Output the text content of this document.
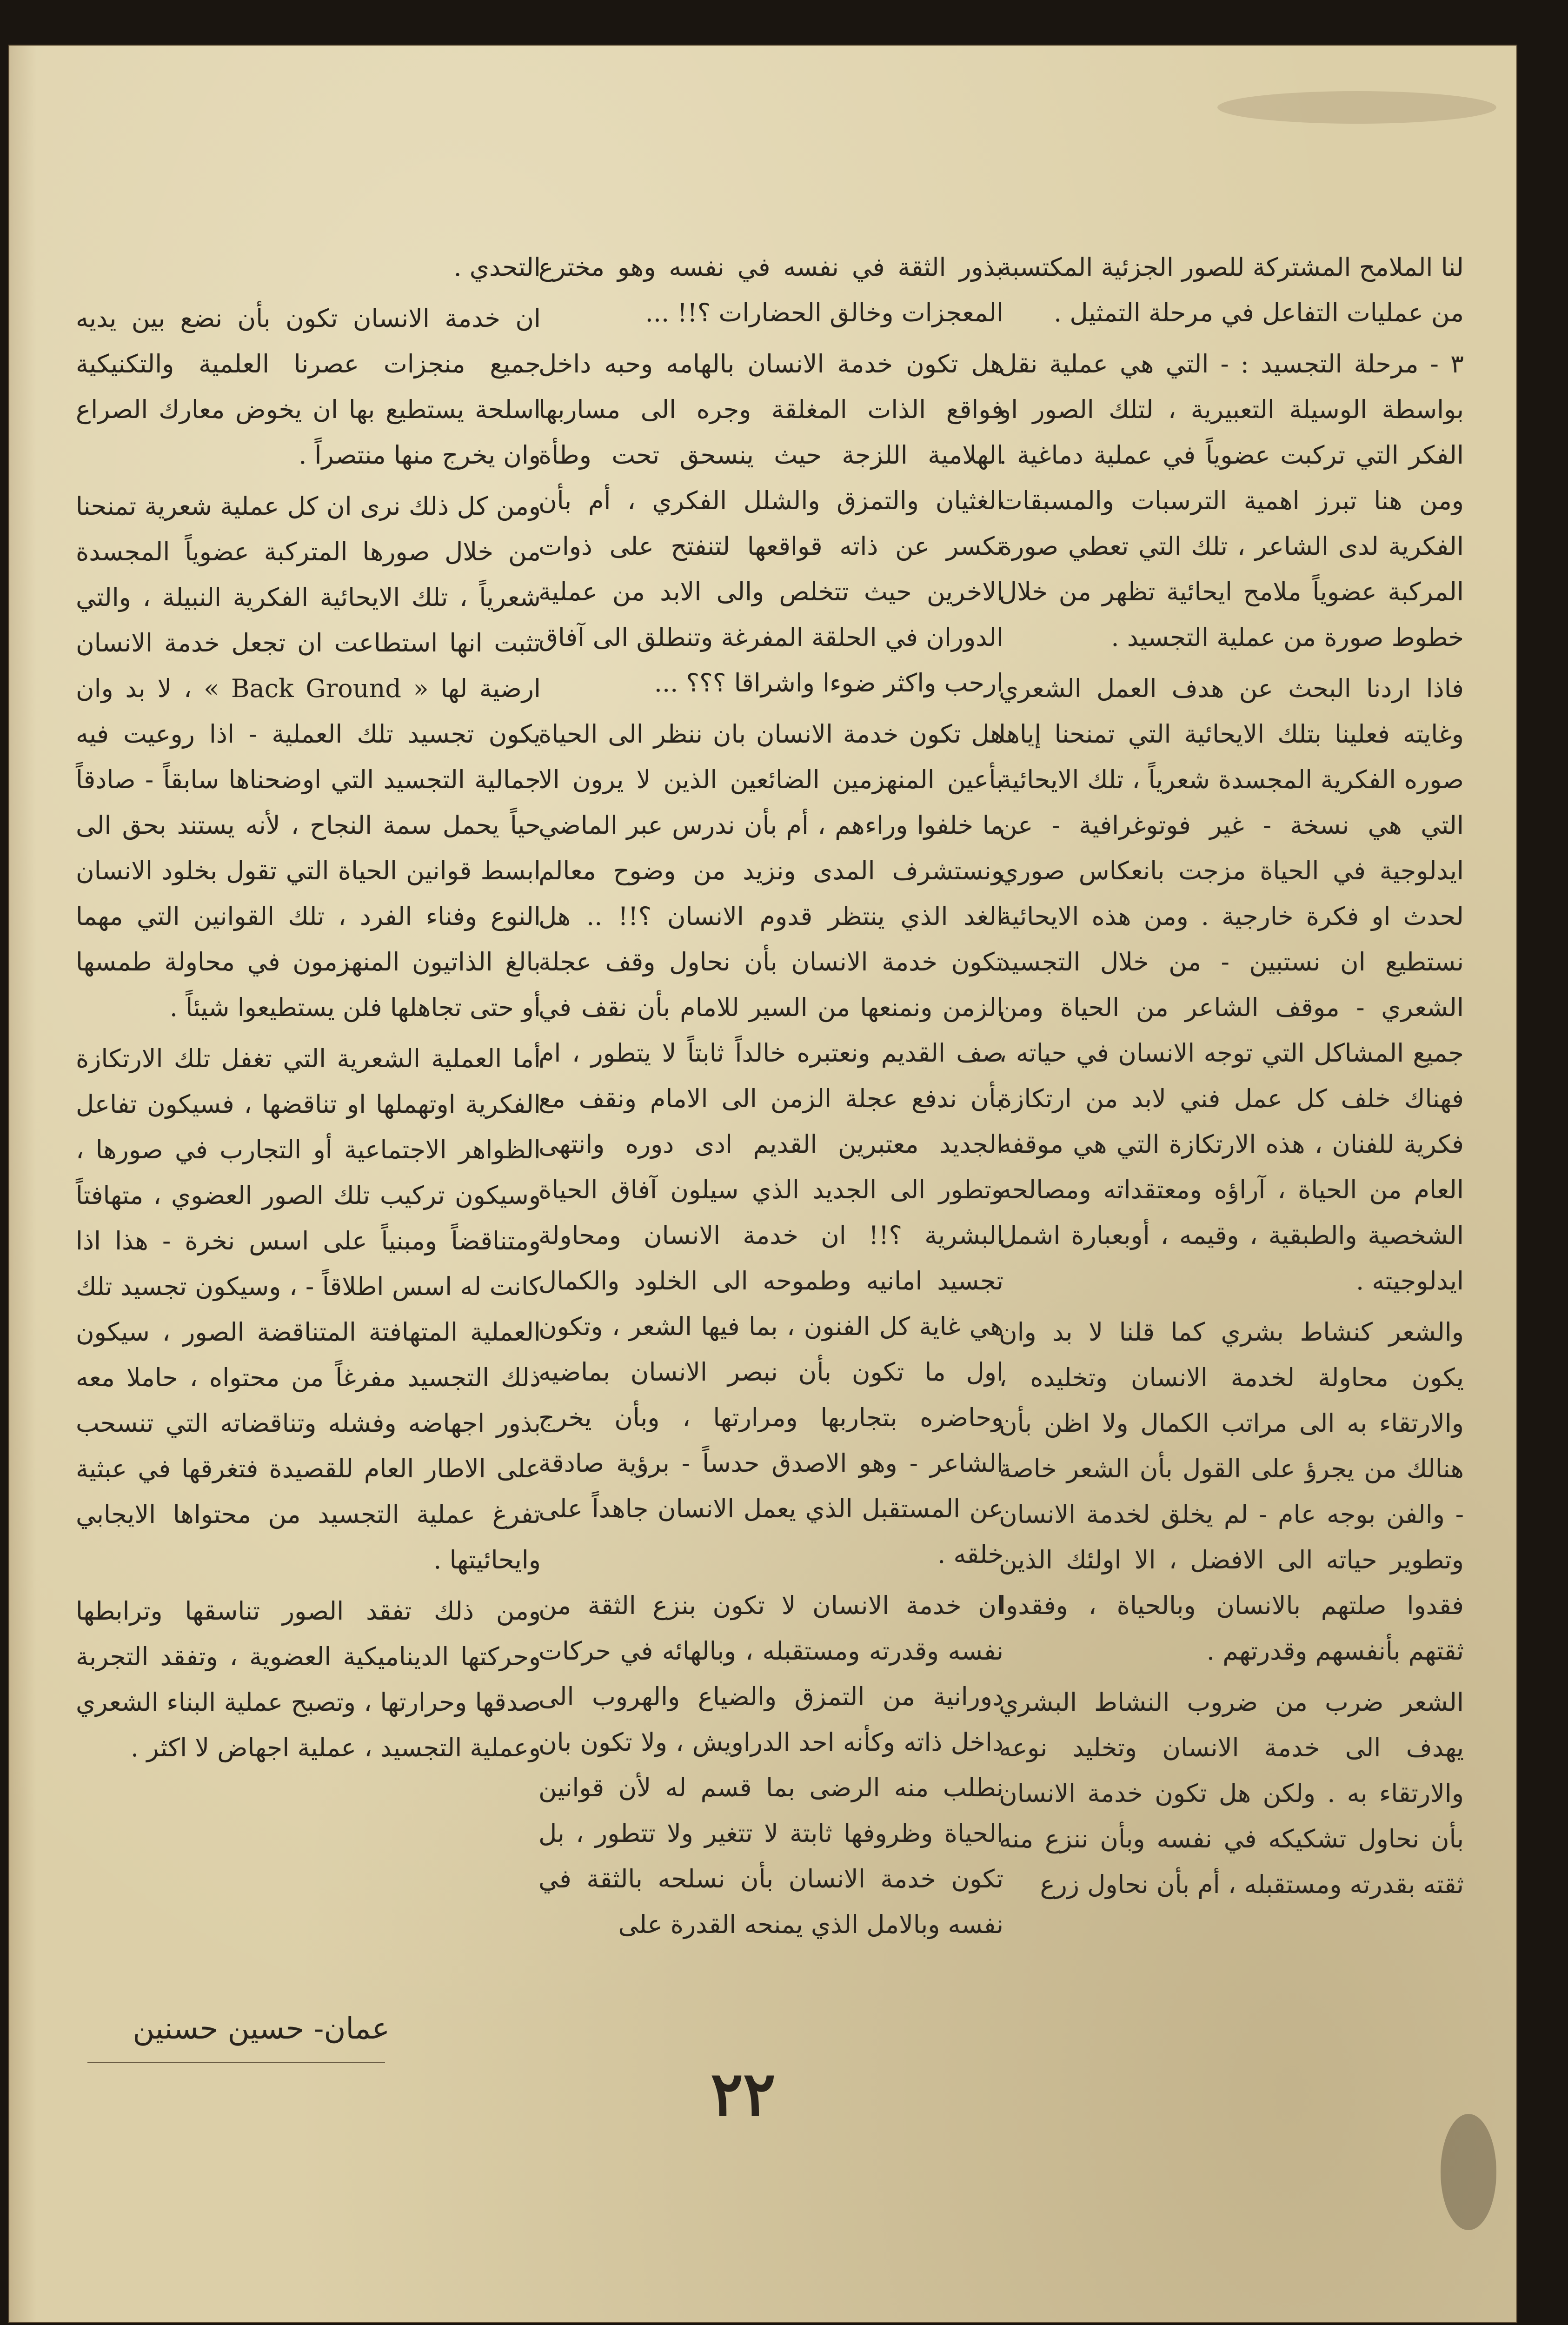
لنا الملامح المشتركة للصور الجزئية المكتسبة من عمليات التفاعل في مرحلة التمثيل .

٣ - مرحلة التجسيد : - التي هي عملية نقل بواسطة الوسيلة التعبيرية ، لتلك الصور او الفكر التي تركبت عضوياً في عملية دماغية . ومن هنا تبرز اهمية الترسبات والمسبقات الفكرية لدى الشاعر ، تلك التي تعطي صورة المركبة عضوياً ملامح ايحائية تظهر من خلال خطوط صورة من عملية التجسيد .

فاذا اردنا البحث عن هدف العمل الشعري وغايته فعلينا بتلك الايحائية التي تمنحنا إياها صوره الفكرية المجسدة شعرياً ، تلك الايحائية التي هي نسخة - غير فوتوغرافية - عن ايدلوجية في الحياة مزجت بانعكاس صوري لحدث او فكرة خارجية . ومن هذه الايحائية نستطيع ان نستبين - من خلال التجسيد الشعري - موقف الشاعر من الحياة ومن جميع المشاكل التي توجه الانسان في حياته ، فهناك خلف كل عمل فني لابد من ارتكازة فكرية للفنان ، هذه الارتكازة التي هي موقفه العام من الحياة ، آراؤه ومعتقداته ومصالحه الشخصية والطبقية ، وقيمه ، أوبعبارة اشمل ايدلوجيته .

والشعر كنشاط بشري كما قلنا لا بد وان يكون محاولة لخدمة الانسان وتخليده ، والارتقاء به الى مراتب الكمال ولا اظن بأن هنالك من يجرؤ على القول بأن الشعر خاصة - والفن بوجه عام - لم يخلق لخدمة الانسان وتطوير حياته الى الافضل ، الا اولئك الذين فقدوا صلتهم بالانسان وبالحياة ، وفقدوا ثقتهم بأنفسهم وقدرتهم .

الشعر ضرب من ضروب النشاط البشري يهدف الى خدمة الانسان وتخليد نوعه والارتقاء به . ولكن هل تكون خدمة الانسان بأن نحاول تشكيكه في نفسه وبأن ننزع منه ثقته بقدرته ومستقبله ، أم بأن نحاول زرع

بذور الثقة في نفسه في نفسه وهو مخترع المعجزات وخالق الحضارات ؟!! ...

هل تكون خدمة الانسان بالهامه وحبه داخل فواقع الذات المغلقة وجره الى مساربها الهلامية اللزجة حيث ينسحق تحت وطأة الغثيان والتمزق والشلل الفكري ، أم بأن نكسر عن ذاته قواقعها لتنفتح على ذوات الاخرين حيث تتخلص والى الابد من عملية الدوران في الحلقة المفرغة وتنطلق الى آفاق ارحب واكثر ضوءا واشراقا ؟؟؟ ...

هل تكون خدمة الانسان بان ننظر الى الحياة بأعين المنهزمين الضائعين الذين لا يرون الا ما خلفوا وراءهم ، أم بأن ندرس عبر الماضي ونستشرف المدى ونزيد من وضوح معالم الغد الذي ينتظر قدوم الانسان ؟!! .. هل تكون خدمة الانسان بأن نحاول وقف عجلة الزمن ونمنعها من السير للامام بأن نقف في صف القديم ونعتبره خالداً ثابتاً لا يتطور ، ام بأن ندفع عجلة الزمن الى الامام ونقف مع الجديد معتبرين القديم ادى دوره وانتهى وتطور الى الجديد الذي سيلون آفاق الحياة البشرية ؟!! ان خدمة الانسان ومحاولة تجسيد امانيه وطموحه الى الخلود والكمال هي غاية كل الفنون ، بما فيها الشعر ، وتكون اول ما تكون بأن نبصر الانسان بماضيه وحاضره بتجاربها ومرارتها ، وبأن يخرج الشاعر - وهو الاصدق حدساً - برؤية صادقة عن المستقبل الذي يعمل الانسان جاهداً على خلقه .

ان خدمة الانسان لا تكون بنزع الثقة من نفسه وقدرته ومستقبله ، وبالهائه في حركات دورانية من التمزق والضياع والهروب الى داخل ذاته وكأنه احد الدراويش ، ولا تكون بان نطلب منه الرضى بما قسم له لأن قوانين الحياة وظروفها ثابتة لا تتغير ولا تتطور ، بل تكون خدمة الانسان بأن نسلحه بالثقة في نفسه وبالامل الذي يمنحه القدرة على

التحدي .

ان خدمة الانسان تكون بأن نضع بين يديه جميع منجزات عصرنا العلمية والتكنيكية اسلحة يستطيع بها ان يخوض معارك الصراع وان يخرج منها منتصراً .

ومن كل ذلك نرى ان كل عملية شعرية تمنحنا من خلال صورها المتركبة عضوياً المجسدة شعرياً ، تلك الايحائية الفكرية النبيلة ، والتي تثبت انها استطاعت ان تجعل خدمة الانسان ارضية لها « Back Ground » ، لا بد وان يكون تجسيد تلك العملية - اذا روعيت فيه جمالية التجسيد التي اوضحناها سابقاً - صادقاً حياً يحمل سمة النجاح ، لأنه يستند بحق الى ابسط قوانين الحياة التي تقول بخلود الانسان النوع وفناء الفرد ، تلك القوانين التي مهما بالغ الذاتيون المنهزمون في محاولة طمسها أو حتى تجاهلها فلن يستطيعوا شيئاً .

أما العملية الشعرية التي تغفل تلك الارتكازة الفكرية اوتهملها او تناقضها ، فسيكون تفاعل الظواهر الاجتماعية أو التجارب في صورها ، وسيكون تركيب تلك الصور العضوي ، متهافتاً ومتناقضاً ومبنياً على اسس نخرة - هذا اذا كانت له اسس اطلاقاً - ، وسيكون تجسيد تلك العملية المتهافتة المتناقضة الصور ، سيكون ذلك التجسيد مفرغاً من محتواه ، حاملا معه بذور اجهاضه وفشله وتناقضاته التي تنسحب على الاطار العام للقصيدة فتغرقها في عبثية تفرغ عملية التجسيد من محتواها الايجابي وايحائيتها .

ومن ذلك تفقد الصور تناسقها وترابطها وحركتها الديناميكية العضوية ، وتفقد التجربة صدقها وحرارتها ، وتصبح عملية البناء الشعري وعملية التجسيد ، عملية اجهاض لا اكثر .

عمان- حسين حسنين
٢٢
